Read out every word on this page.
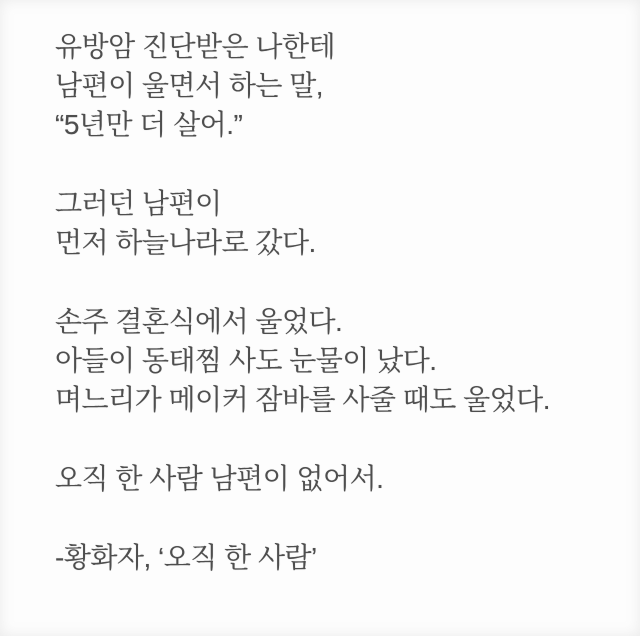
유방암 진단받은 나한테

남편이 울면서 하는 말,

“5년만 더 살어.”

그러던 남편이

먼저 하늘나라로 갔다.

손주 결혼식에서 울었다.

아들이 동태찜 사도 눈물이 났다.

며느리가 메이커 잠바를 사줄 때도 울었다.

오직 한 사람 남편이 없어서.

-황화자, ‘오직 한 사람’
